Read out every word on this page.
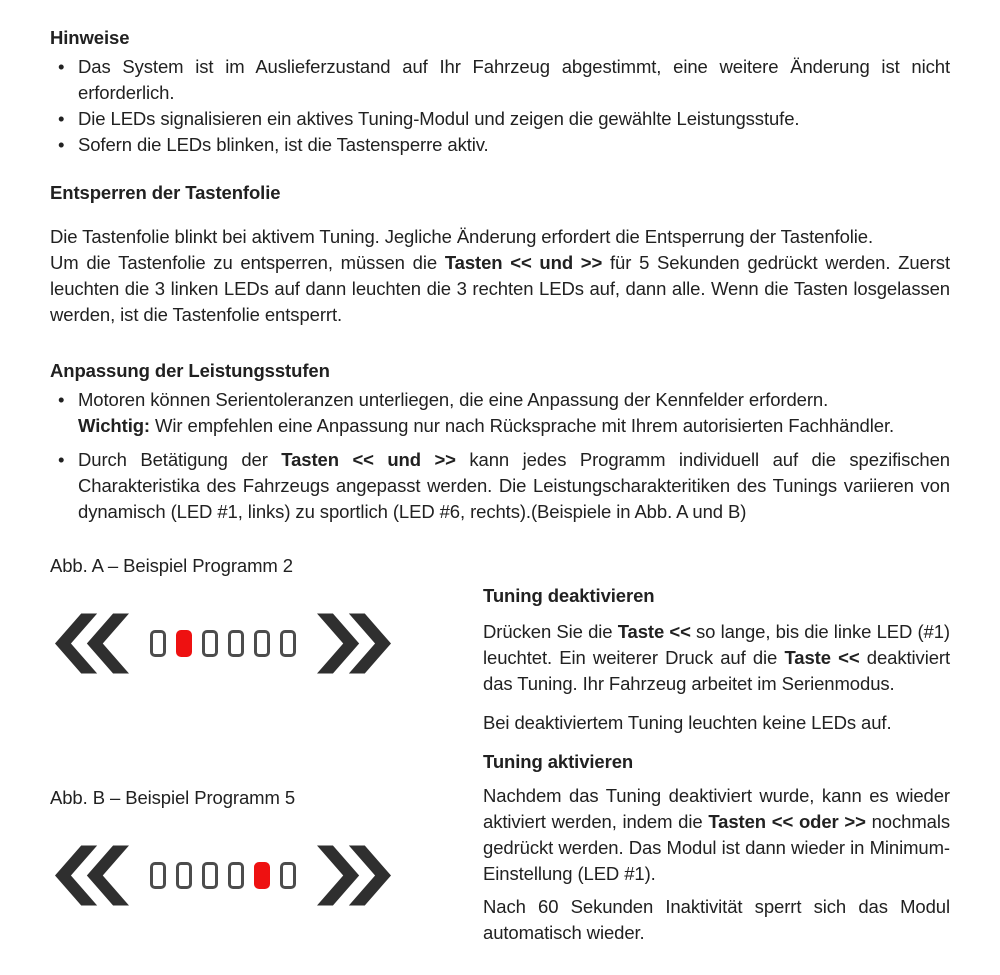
Hinweise

• Das System ist im Auslieferzustand auf Ihr Fahrzeug abgestimmt, eine weitere Änderung ist nicht erforderlich.
• Die LEDs signalisieren ein aktives Tuning-Modul und zeigen die gewählte Leistungsstufe.
• Sofern die LEDs blinken, ist die Tastensperre aktiv.

Entsperren der Tastenfolie

Die Tastenfolie blinkt bei aktivem Tuning. Jegliche Änderung erfordert die Entsperrung der Tastenfolie.
Um die Tastenfolie zu entsperren, müssen die Tasten << und >> für 5 Sekunden gedrückt werden. Zuerst leuchten die 3 linken LEDs auf dann leuchten die 3 rechten LEDs auf, dann alle. Wenn die Tasten losgelassen werden, ist die Tastenfolie entsperrt.

Anpassung der Leistungsstufen

• Motoren können Serientoleranzen unterliegen, die eine Anpassung der Kennfelder erfordern.
Wichtig: Wir empfehlen eine Anpassung nur nach Rücksprache mit Ihrem autorisierten Fachhändler.
• Durch Betätigung der Tasten << und >> kann jedes Programm individuell auf die spezifischen Charakteristika des Fahrzeugs angepasst werden. Die Leistungscharakteritiken des Tunings variieren von dynamisch (LED #1, links) zu sportlich (LED #6, rechts).(Beispiele in Abb. A und B)

Abb. A – Beispiel Programm 2

Abb. B – Beispiel Programm 5

Tuning deaktivieren

Drücken Sie die Taste << so lange, bis die linke LED (#1) leuchtet. Ein weiterer Druck auf die Taste << deaktiviert das Tuning. Ihr Fahrzeug arbeitet im Serienmodus.

Bei deaktiviertem Tuning leuchten keine LEDs auf.

Tuning aktivieren

Nachdem das Tuning deaktiviert wurde, kann es wieder aktiviert werden, indem die Tasten << oder >> nochmals gedrückt werden. Das Modul ist dann wieder in Minimum-Einstellung (LED #1).

Nach 60 Sekunden Inaktivität sperrt sich das Modul automatisch wieder.
